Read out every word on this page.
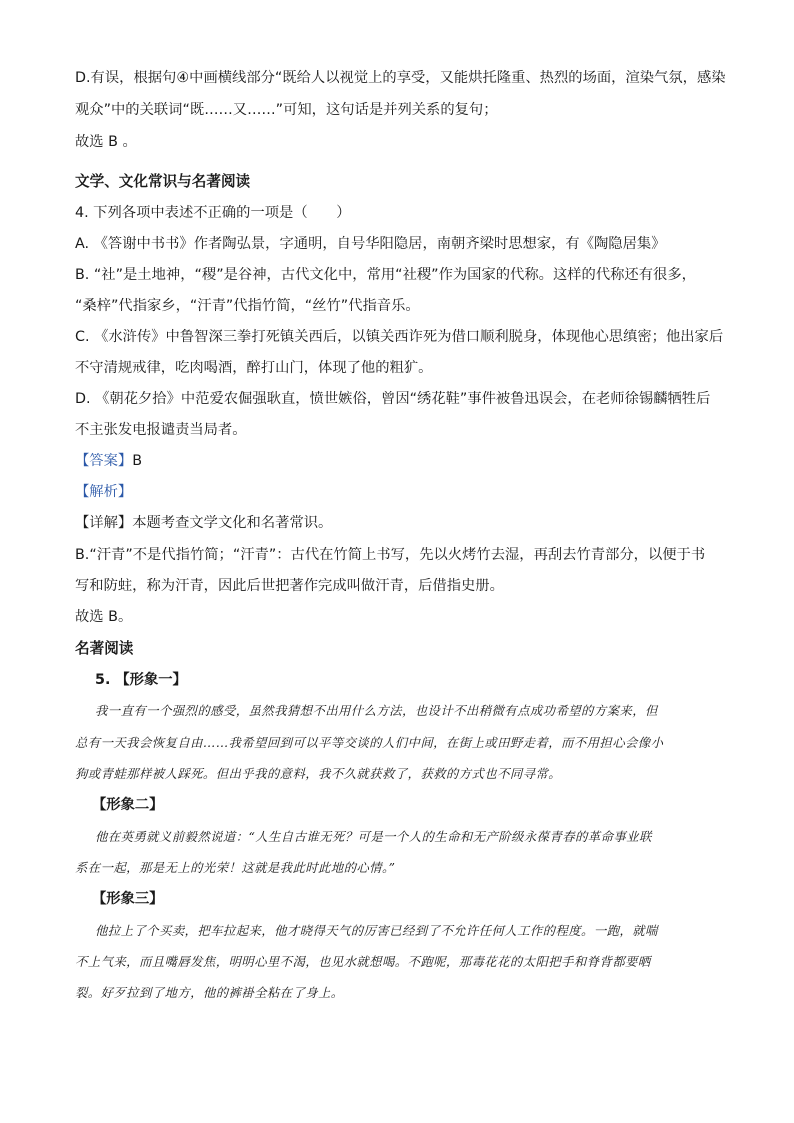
D.有误，根据句④中画横线部分“既给人以视觉上的享受，又能烘托隆重、热烈的场面，渲染气氛，感染
观众”中的关联词“既……又……”可知，这句话是并列关系的复句；
故选 B 。
文学、文化常识与名著阅读
4. 下列各项中表述不正确的一项是（　　）
A. 《答谢中书书》作者陶弘景，字通明，自号华阳隐居，南朝齐梁时思想家，有《陶隐居集》
B. “社”是土地神，“稷”是谷神，古代文化中，常用“社稷”作为国家的代称。这样的代称还有很多，
“桑梓”代指家乡，“汗青”代指竹简，“丝竹”代指音乐。
C. 《水浒传》中鲁智深三拳打死镇关西后，以镇关西诈死为借口顺利脱身，体现他心思缜密；他出家后
不守清规戒律，吃肉喝酒，醉打山门，体现了他的粗犷。
D. 《朝花夕拾》中范爱农倔强耿直，愤世嫉俗，曾因“绣花鞋”事件被鲁迅误会，在老师徐锡麟牺牲后
不主张发电报谴责当局者。
【答案】B
【解析】
【详解】本题考查文学文化和名著常识。
B.“汗青”不是代指竹简；“汗青”：古代在竹简上书写，先以火烤竹去湿，再刮去竹青部分，以便于书
写和防蛀，称为汗青，因此后世把著作完成叫做汗青，后借指史册。
故选 B。
名著阅读
5. 【形象一】
我一直有一个强烈的感受，虽然我猜想不出用什么方法，也设计不出稍微有点成功希望的方案来，但
总有一天我会恢复自由……我希望回到可以平等交谈的人们中间，在街上或田野走着，而不用担心会像小
狗或青蛙那样被人踩死。但出乎我的意料，我不久就获救了，获救的方式也不同寻常。
【形象二】
他在英勇就义前毅然说道：“人生自古谁无死？可是一个人的生命和无产阶级永葆青春的革命事业联
系在一起，那是无上的光荣！这就是我此时此地的心情。”
【形象三】
他拉上了个买卖，把车拉起来，他才晓得天气的厉害已经到了不允许任何人工作的程度。一跑，就喘
不上气来，而且嘴唇发焦，明明心里不渴，也见水就想喝。不跑呢，那毒花花的太阳把手和脊背都要晒
裂。好歹拉到了地方，他的裤褂全粘在了身上。
